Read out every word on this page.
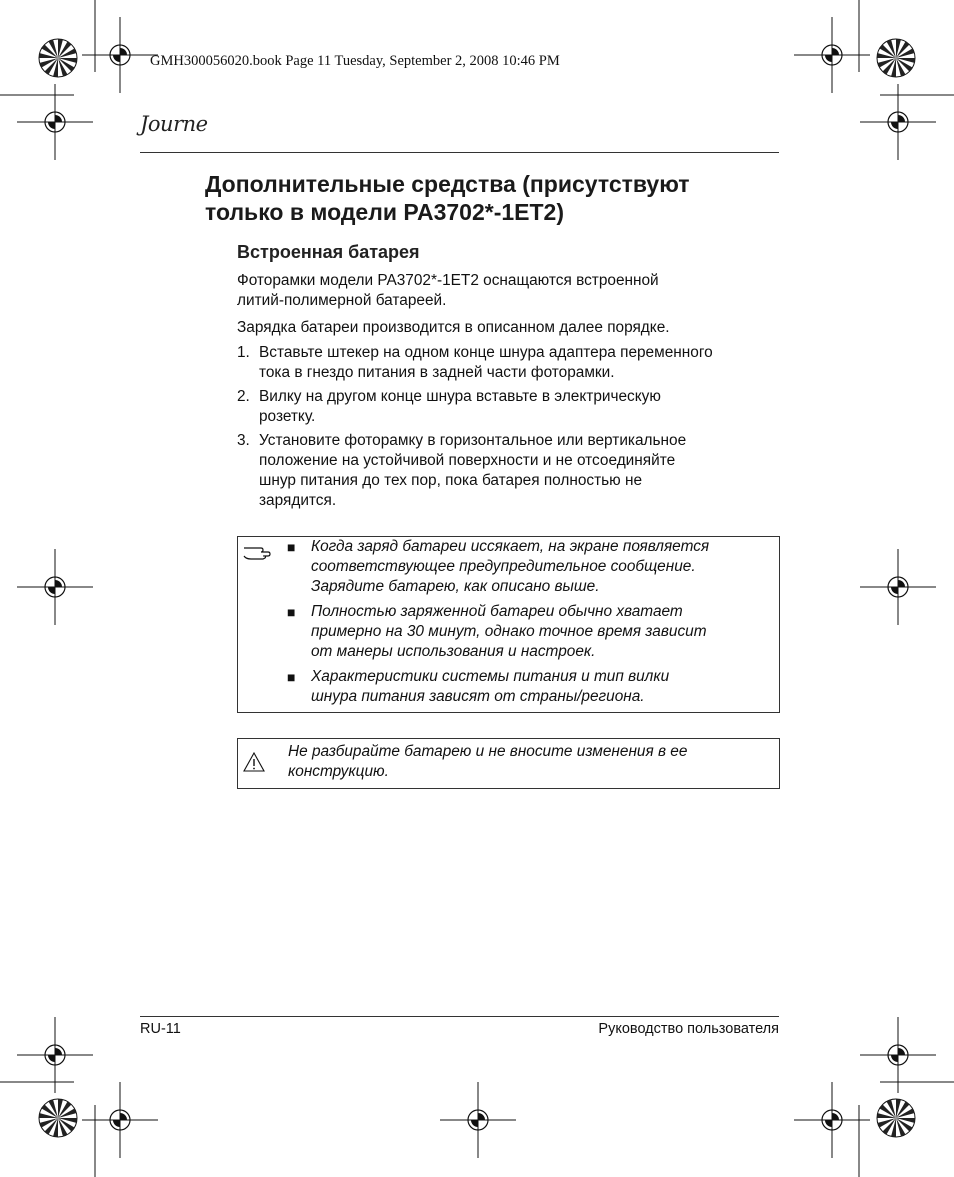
GMH300056020.book Page 11 Tuesday, September 2, 2008 10:46 PM
Journe
Дополнительные средства (присутствуют
только в модели PA3702*-1ET2)
Встроенная батарея

Фоторамки модели PA3702*-1ET2 оснащаются встроенной
литий-полимерной батареей.

Зарядка батареи производится в описанном далее порядке.

1. Вставьте штекер на одном конце шнура адаптера переменного
тока в гнездо питания в задней части фоторамки.
2. Вилку на другом конце шнура вставьте в электрическую
розетку.
3. Установите фоторамку в горизонтальное или вертикальное
положение на устойчивой поверхности и не отсоединяйте
шнур питания до тех пор, пока батарея полностью не
зарядится.
■ Когда заряд батареи иссякает, на экране появляется
соответствующее предупредительное сообщение.
Зарядите батарею, как описано выше.
■ Полностью заряженной батареи обычно хватает
примерно на 30 минут, однако точное время зависит
от манеры использования и настроек.
■ Характеристики системы питания и тип вилки
шнура питания зависят от страны/региона.
Не разбирайте батарею и не вносите изменения в ее
конструкцию.
RU-11	Руководство пользователя
